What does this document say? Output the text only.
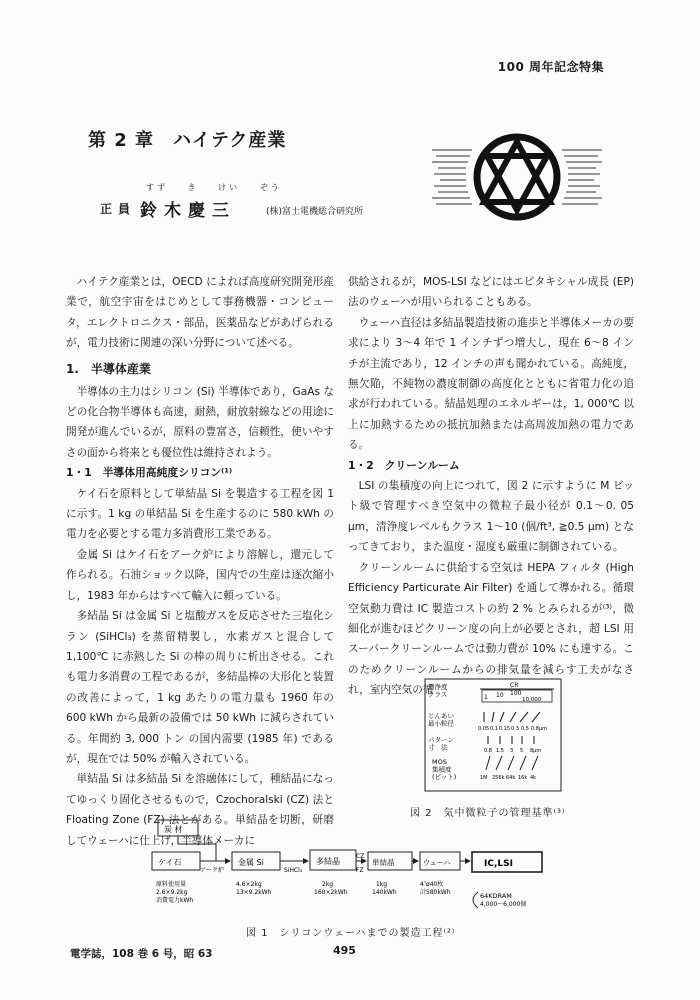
100 周年記念特集
第 2 章　ハイテク産業
すず き けい ぞう
正員 鈴木慶三	(株)富士電機総合研究所

ハイテク産業とは，OECD によれば高度研究開発形産業で，航空宇宙をはじめとして事務機器・コンピュータ，エレクトロニクス・部品，医薬品などがあげられるが，電力技術に関連の深い分野について述べる。

1.　半導体産業

半導体の主力はシリコン (Si) 半導体であり，GaAs などの化合物半導体も高速，耐熱，耐放射線などの用途に開発が進んでいるが，原料の豊富さ，信頼性，使いやすさの面から将来とも優位性は維持されよう。

1・1　半導体用高純度シリコン⁽¹⁾

ケイ石を原料として単結晶 Si を製造する工程を図 1 に示す。1 kg の単結晶 Si を生産するのに 580 kWh の電力を必要とする電力多消費形工業である。

金属 Si はケイ石をアーク炉により溶解し，還元して作られる。石油ショック以降，国内での生産は逐次縮小し，1983 年からはすべて輸入に頼っている。

多結晶 Si は金属 Si と塩酸ガスを反応させた三塩化シラン (SiHCl₃) を蒸留精製し，水素ガスと混合して 1,100℃ に赤熱した Si の棒の周りに析出させる。これも電力多消費の工程であるが，多結晶棒の大形化と装置の改善によって，1 kg あたりの電力量も 1960 年の 600 kWh から最新の設備では 50 kWh に減らされている。年間約 3, 000 トン の国内需要 (1985 年) であるが，現在では 50% が輸入されている。

単結晶 Si は多結晶 Si を溶融体にして，種結晶になってゆっくり固化させるもので，Czochoralski (CZ) 法と Floating Zone (FZ) 法とがある。単結晶を切断，研磨してウェーハに仕上げ，半導体メーカに

供給されるが，MOS-LSI などにはエピタキシャル成長 (EP) 法のウェーハが用いられることもある。

ウェーハ直径は多結晶製造技術の進歩と半導体メーカの要求により 3〜4 年で 1 インチずつ増大し，現在 6〜8 インチが主流であり，12 インチの声も聞かれている。高純度，無欠陥，不純物の濃度制御の高度化とともに省電力化の追求が行われている。結晶処理のエネルギーは，1, 000℃ 以上に加熱するための抵抗加熱または高周波加熱の電力である。

1・2　クリーンルーム

LSI の集積度の向上につれて，図 2 に示すように M ビット級で管理すべき空気中の微粒子最小径が 0.1〜0. 05 μm，清浄度レベルもクラス 1〜10 (個/ft³, ≧0.5 μm) となってきており，また温度・湿度も厳重に制御されている。

クリーンルームに供給する空気は HEPA フィルタ (High Efficiency Particurate Air Filter) を通して導かれる。循環空気動力費は IC 製造コストの約 2 % とみられるが⁽³⁾，微細化が進むほどクリーン度の向上が必要とされ，超 LSI 用スーパークリーンルームでは動力費が 10% にも達する。このためクリーンルームからの排気量を減らす工夫がなされ，室内空気の循

清浄度クラス
CR
1 10 100
10,000
じんあい最小粒径
0.05 0.1 0.15 0.3 0.5 0.8μm
パターン寸　法	0.8 1.5 3 5 8μm
MOS 集積度(ビット)	1M 256k 64k 16k 4k
図 2　気中微粒子の管理基準⁽³⁾
炭 材
ケイ石	金属 Si	多結晶	単結晶	ウェーハ	IC,LSI
アーク炉	SiHCl₃
CZ
FZ
原料使用量
2.6×9.2kg
消費電力kWh
4.6×2kg
13×9.2kWh
2kg
160×2kWh
1kg
140kWh
4″ø40枚
計580kWh	64KDRAM
4,000～6,000個
図 1　シリコンウェーハまでの製造工程⁽²⁾
電学誌，108 巻 6 号，昭 63	495
